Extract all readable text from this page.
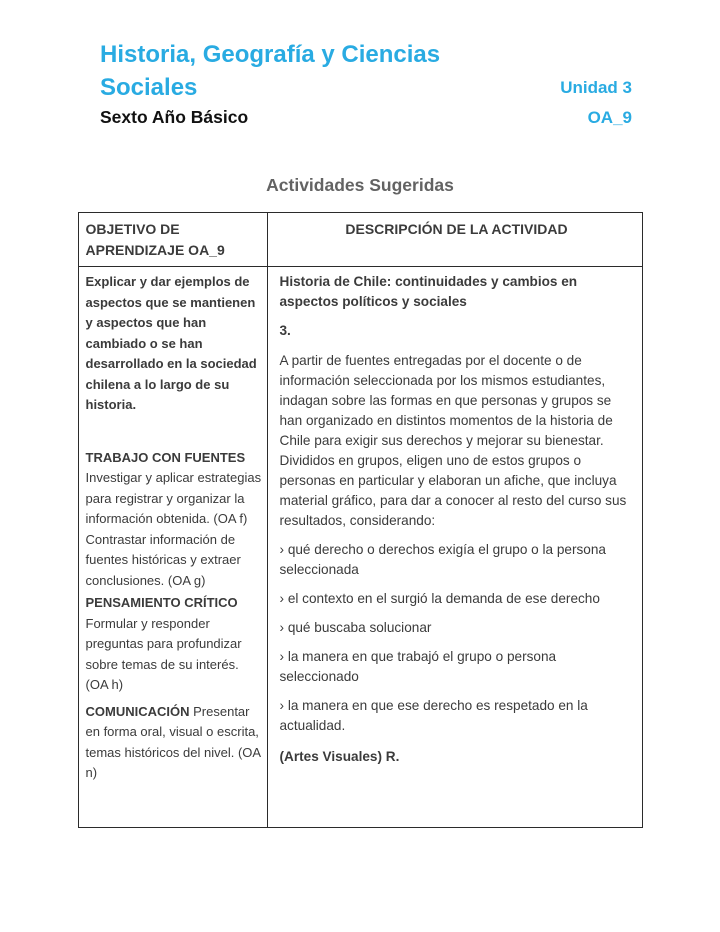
Historia, Geografía y Ciencias Sociales
Sexto Año Básico
Unidad 3
OA_9
Actividades Sugeridas
OBJETIVO DE APRENDIZAJE OA_9
DESCRIPCIÓN DE LA ACTIVIDAD

Explicar y dar ejemplos de aspectos que se mantienen y aspectos que han cambiado o se han desarrollado en la sociedad chilena a lo largo de su historia.

TRABAJO CON FUENTES
Investigar y aplicar estrategias para registrar y organizar la información obtenida. (OA f) Contrastar información de fuentes históricas y extraer conclusiones. (OA g)
PENSAMIENTO CRÍTICO
Formular y responder preguntas para profundizar sobre temas de su interés. (OA h)
COMUNICACIÓN Presentar en forma oral, visual o escrita, temas históricos del nivel. (OA n)

Historia de Chile: continuidades y cambios en aspectos políticos y sociales

3.

A partir de fuentes entregadas por el docente o de información seleccionada por los mismos estudiantes, indagan sobre las formas en que personas y grupos se han organizado en distintos momentos de la historia de Chile para exigir sus derechos y mejorar su bienestar. Divididos en grupos, eligen uno de estos grupos o personas en particular y elaboran un afiche, que incluya material gráfico, para dar a conocer al resto del curso sus resultados, considerando:

› qué derecho o derechos exigía el grupo o la persona seleccionada

› el contexto en el surgió la demanda de ese derecho

› qué buscaba solucionar

› la manera en que trabajó el grupo o persona seleccionado

› la manera en que ese derecho es respetado en la actualidad.

(Artes Visuales) R.
